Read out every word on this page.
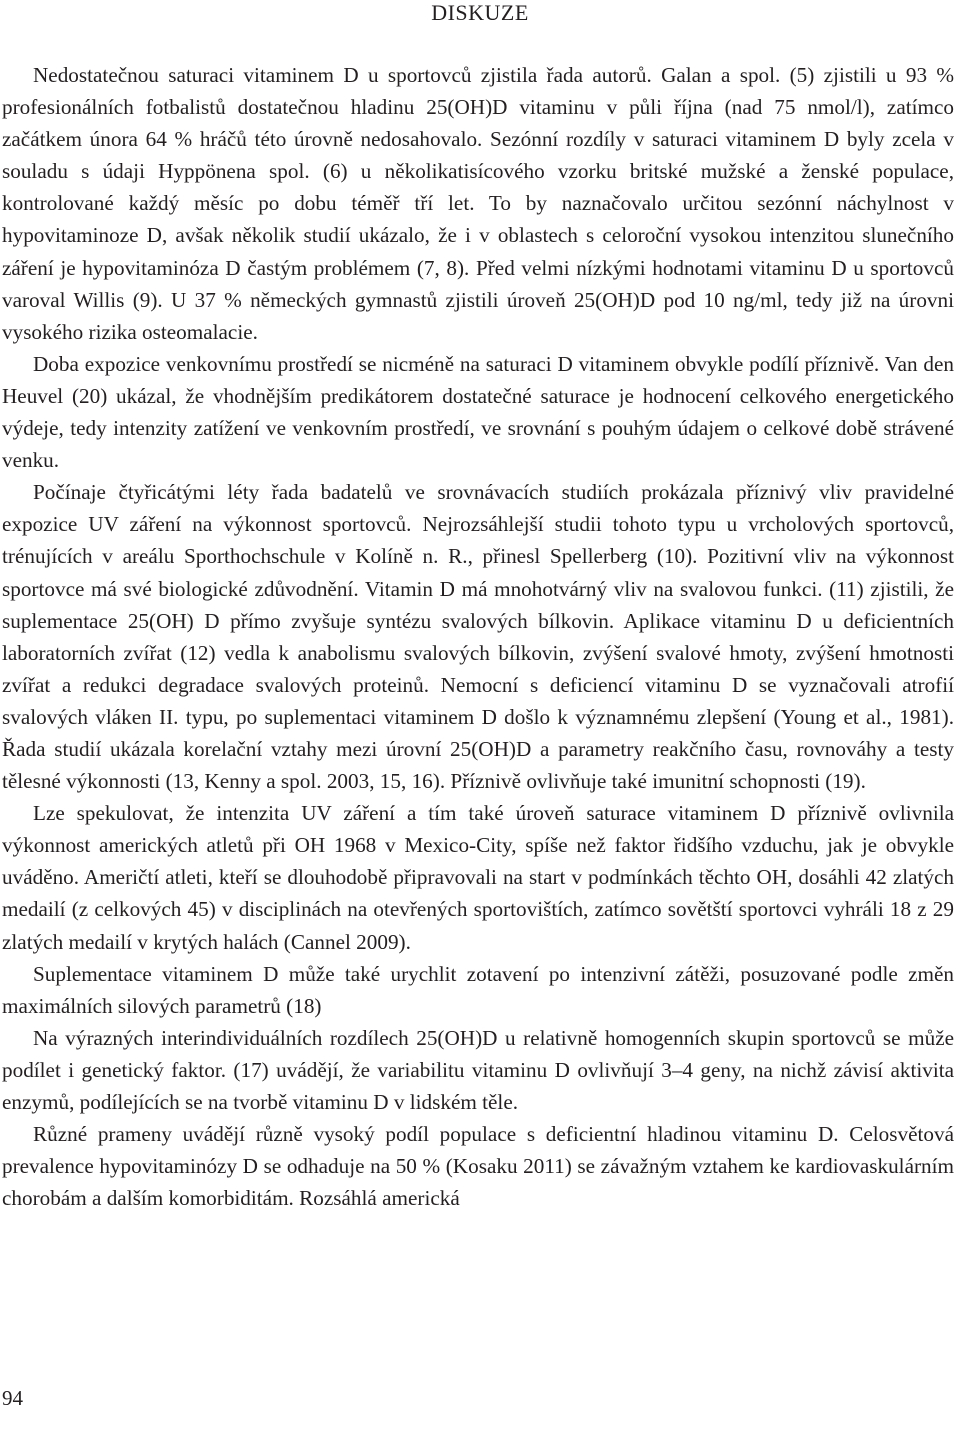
DISKUZE

Nedostatečnou saturaci vitaminem D u sportovců zjistila řada autorů. Galan a spol. (5) zjistili u 93 % profesionálních fotbalistů dostatečnou hladinu 25(OH)D vitaminu v půli října (nad 75 nmol/l), zatímco začátkem února 64 % hráčů této úrovně nedosahovalo. Sezónní rozdíly v saturaci vitaminem D byly zcela v souladu s údaji Hyppönena spol. (6) u několikatisícového vzorku britské mužské a ženské populace, kontrolované každý měsíc po dobu téměř tří let. To by naznačovalo určitou sezónní náchylnost v hypovitaminoze D, avšak několik studií ukázalo, že i v oblastech s celoroční vysokou intenzitou slunečního záření je hypovitaminóza D častým problémem (7, 8). Před velmi nízkými hodnotami vitaminu D u sportovců varoval Willis (9). U 37 % německých gymnastů zjistili úroveň 25(OH)D pod 10 ng/ml, tedy již na úrovni vysokého rizika osteomalacie.

Doba expozice venkovnímu prostředí se nicméně na saturaci D vitaminem obvykle podílí příznivě. Van den Heuvel (20) ukázal, že vhodnějším predikátorem dostatečné saturace je hodnocení celkového energetického výdeje, tedy intenzity zatížení ve venkovním prostředí, ve srovnání s pouhým údajem o celkové době strávené venku.

Počínaje čtyřicátými léty řada badatelů ve srovnávacích studiích prokázala příznivý vliv pravidelné expozice UV záření na výkonnost sportovců. Nejrozsáhlejší studii tohoto typu u vrcholových sportovců, trénujících v areálu Sporthochschule v Kolíně n. R., přinesl Spellerberg (10). Pozitivní vliv na výkonnost sportovce má své biologické zdůvodnění. Vitamin D má mnohotvárný vliv na svalovou funkci. (11) zjistili, že suplementace 25(OH) D přímo zvyšuje syntézu svalových bílkovin. Aplikace vitaminu D u deficientních laboratorních zvířat (12) vedla k anabolismu svalových bílkovin, zvýšení svalové hmoty, zvýšení hmotnosti zvířat a redukci degradace svalových proteinů. Nemocní s deficiencí vitaminu D se vyznačovali atrofií svalových vláken II. typu, po suplementaci vitaminem D došlo k významnému zlepšení (Young et al., 1981). Řada studií ukázala korelační vztahy mezi úrovní 25(OH)D a parametry reakčního času, rovnováhy a testy tělesné výkonnosti (13, Kenny a spol. 2003, 15, 16). Příznivě ovlivňuje také imunitní schopnosti (19).

Lze spekulovat, že intenzita UV záření a tím také úroveň saturace vitaminem D příznivě ovlivnila výkonnost amerických atletů při OH 1968 v Mexico-City, spíše než faktor řidšího vzduchu, jak je obvykle uváděno. Američtí atleti, kteří se dlouhodobě připravovali na start v podmínkách těchto OH, dosáhli 42 zlatých medailí (z celkových 45) v disciplinách na otevřených sportovištích, zatímco sovětští sportovci vyhráli 18 z 29 zlatých medailí v krytých halách (Cannel 2009).

Suplementace vitaminem D může také urychlit zotavení po intenzivní zátěži, posuzované podle změn maximálních silových parametrů (18)

Na výrazných interindividuálních rozdílech 25(OH)D u relativně homogenních skupin sportovců se může podílet i genetický faktor. (17) uvádějí, že variabilitu vitaminu D ovlivňují 3–4 geny, na nichž závisí aktivita enzymů, podílejících se na tvorbě vitaminu D v lidském těle.

Různé prameny uvádějí různě vysoký podíl populace s deficientní hladinou vitaminu D. Celosvětová prevalence hypovitaminózy D se odhaduje na 50 % (Kosaku 2011) se závažným vztahem ke kardiovaskulárním chorobám a dalším komorbiditám. Rozsáhlá americká

94
